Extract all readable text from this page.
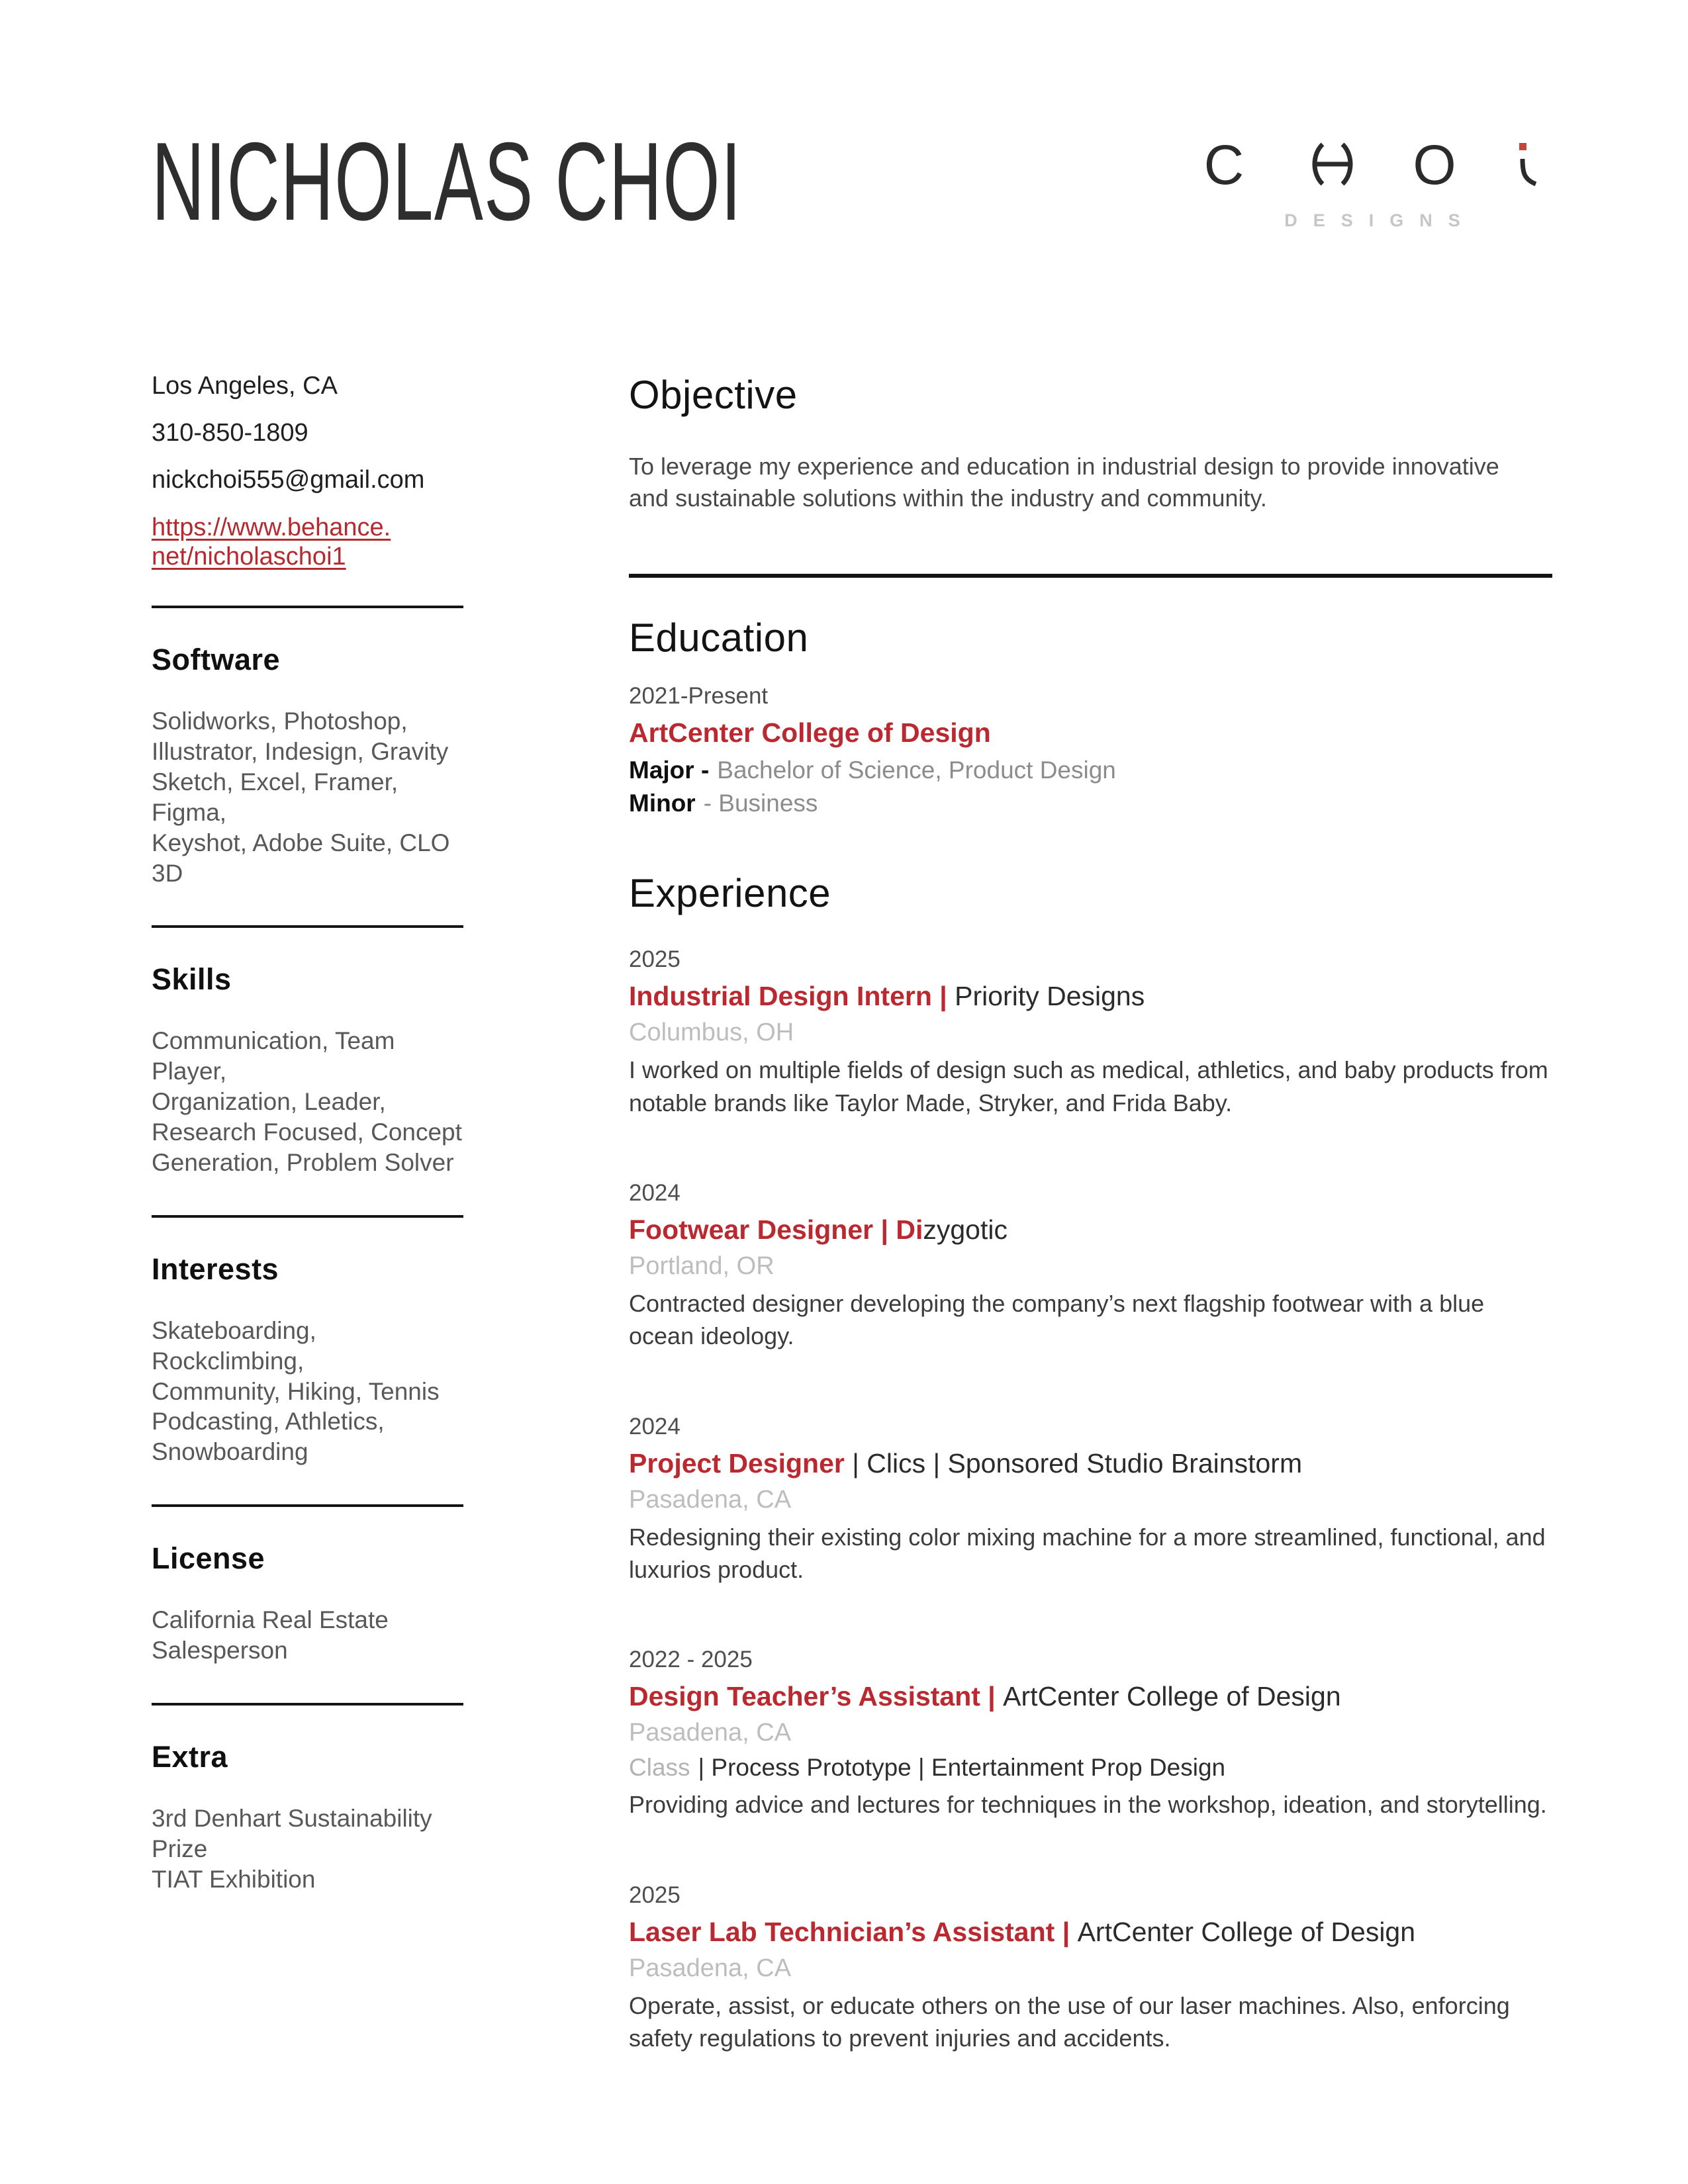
NICHOLAS CHOI	C	O
DESIGNS
Los Angeles, CA
310-850-1809
nickchoi555@gmail.com
https://www.behance.
net/nicholaschoi1
Software
Solidworks, Photoshop,
Illustrator, Indesign, Gravity
Sketch, Excel, Framer, Figma,
Keyshot, Adobe Suite, CLO 3D
Skills
Communication, Team Player,
Organization, Leader,
Research Focused, Concept
Generation, Problem Solver
Interests
Skateboarding, Rockclimbing,
Community, Hiking, Tennis
Podcasting, Athletics,
Snowboarding
License
California Real Estate
Salesperson
Extra
3rd Denhart Sustainability Prize
TIAT Exhibition
Objective
To leverage my experience and education in industrial design to provide innovative and sustainable solutions within the industry and community.
Education
2021-Present
ArtCenter College of Design
Major - Bachelor of Science, Product Design
Minor - Business
Experience
2025
Industrial Design Intern | Priority Designs
Columbus, OH
I worked on multiple fields of design such as medical, athletics, and baby products from notable brands like Taylor Made, Stryker, and Frida Baby.
2024
Footwear Designer | Dizygotic
Portland, OR
Contracted designer developing the company’s next flagship footwear with a blue ocean ideology.
2024
Project Designer | Clics | Sponsored Studio Brainstorm
Pasadena, CA
Redesigning their existing color mixing machine for a more streamlined, functional, and luxurios product.
2022 - 2025
Design Teacher’s Assistant | ArtCenter College of Design
Pasadena, CA
Class | Process Prototype | Entertainment Prop Design
Providing advice and lectures for techniques in the workshop, ideation, and storytelling.
2025
Laser Lab Technician’s Assistant | ArtCenter College of Design
Pasadena, CA
Operate, assist, or educate others on the use of our laser machines. Also, enforcing safety regulations to prevent injuries and accidents.
